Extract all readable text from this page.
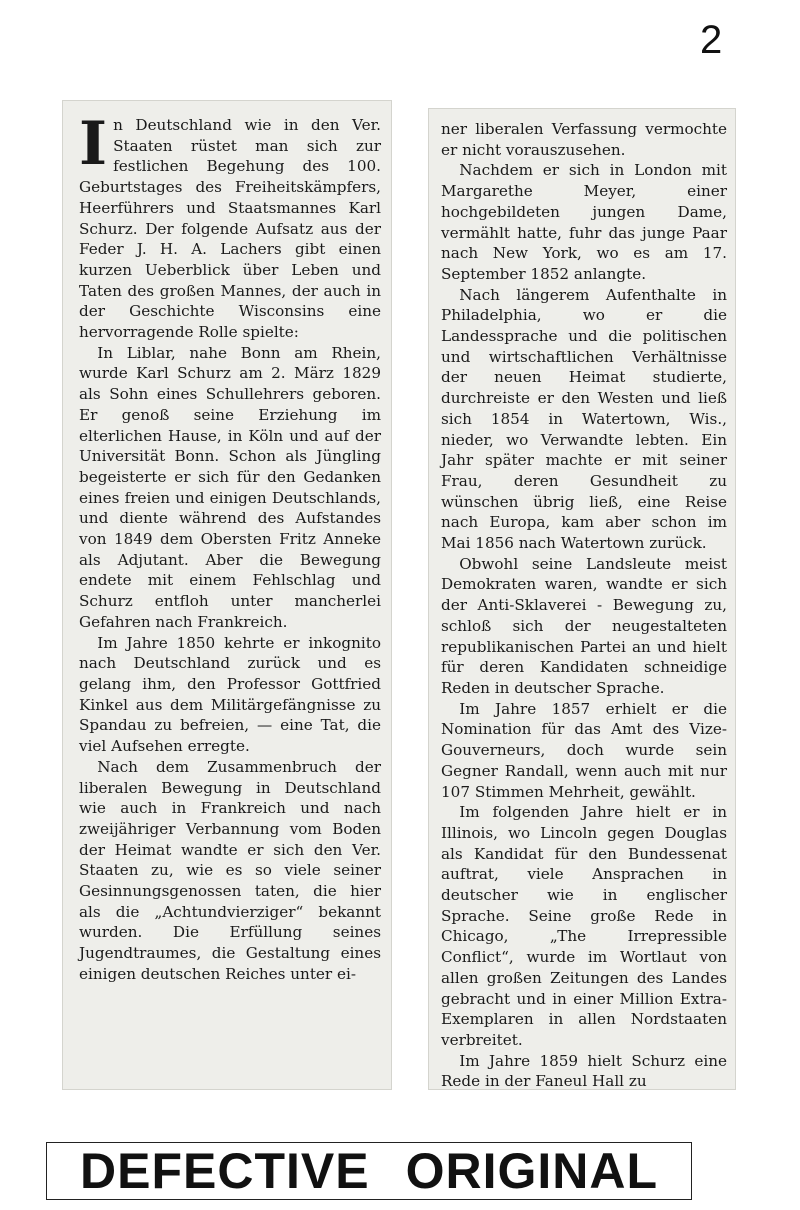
2

In Deutschland wie in den Ver. Staaten rüstet man sich zur festlichen Begehung des 100. Geburtstages des Freiheitskämpfers, Heerführers und Staatsmannes Karl Schurz. Der folgende Aufsatz aus der Feder J. H. A. Lachers gibt einen kurzen Ueberblick über Leben und Taten des großen Mannes, der auch in der Geschichte Wisconsins eine hervorragende Rolle spielte:

In Liblar, nahe Bonn am Rhein, wurde Karl Schurz am 2. März 1829 als Sohn eines Schullehrers geboren. Er genoß seine Erziehung im elterlichen Hause, in Köln und auf der Universität Bonn. Schon als Jüngling begeisterte er sich für den Gedanken eines freien und einigen Deutschlands, und diente während des Aufstandes von 1849 dem Obersten Fritz Anneke als Adjutant. Aber die Bewegung endete mit einem Fehlschlag und Schurz entfloh unter mancherlei Gefahren nach Frankreich.

Im Jahre 1850 kehrte er inkognito nach Deutschland zurück und es gelang ihm, den Professor Gottfried Kinkel aus dem Militärgefängnisse zu Spandau zu befreien, — eine Tat, die viel Aufsehen erregte.

Nach dem Zusammenbruch der liberalen Bewegung in Deutschland wie auch in Frankreich und nach zweijähriger Verbannung vom Boden der Heimat wandte er sich den Ver. Staaten zu, wie es so viele seiner Gesinnungsgenossen taten, die hier als die „Achtundvierziger“ bekannt wurden. Die Erfüllung seines Jugendtraumes, die Gestaltung eines einigen deutschen Reiches unter ei-

ner liberalen Verfassung vermochte er nicht vorauszusehen.

Nachdem er sich in London mit Margarethe Meyer, einer hochgebildeten jungen Dame, vermählt hatte, fuhr das junge Paar nach New York, wo es am 17. September 1852 anlangte.

Nach längerem Aufenthalte in Philadelphia, wo er die Landessprache und die politischen und wirtschaftlichen Verhältnisse der neuen Heimat studierte, durchreiste er den Westen und ließ sich 1854 in Watertown, Wis., nieder, wo Verwandte lebten. Ein Jahr später machte er mit seiner Frau, deren Gesundheit zu wünschen übrig ließ, eine Reise nach Europa, kam aber schon im Mai 1856 nach Watertown zurück.

Obwohl seine Landsleute meist Demokraten waren, wandte er sich der Anti-Sklaverei - Bewegung zu, schloß sich der neugestalteten republikanischen Partei an und hielt für deren Kandidaten schneidige Reden in deutscher Sprache.

Im Jahre 1857 erhielt er die Nomination für das Amt des Vize-Gouverneurs, doch wurde sein Gegner Randall, wenn auch mit nur 107 Stimmen Mehrheit, gewählt.

Im folgenden Jahre hielt er in Illinois, wo Lincoln gegen Douglas als Kandidat für den Bundessenat auftrat, viele Ansprachen in deutscher wie in englischer Sprache. Seine große Rede in Chicago, „The Irrepressible Conflict“, wurde im Wortlaut von allen großen Zeitungen des Landes gebracht und in einer Million Extra-Exemplaren in allen Nordstaaten verbreitet.

Im Jahre 1859 hielt Schurz eine Rede in der Faneul Hall zu

DEFECTIVE ORIGINAL
